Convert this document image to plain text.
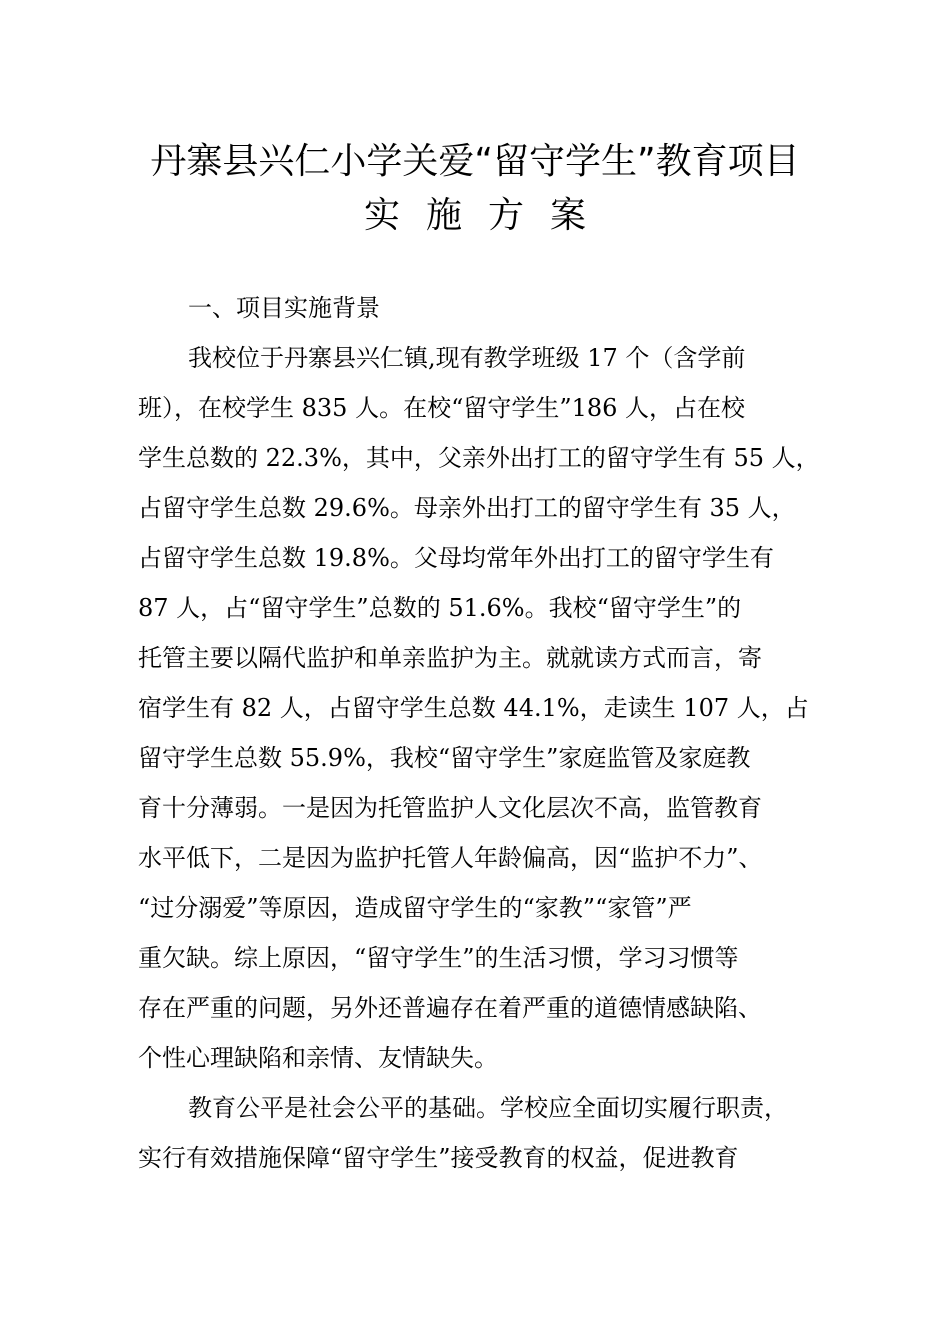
丹寨县兴仁小学关爱“留守学生”教育项目
实施方案
一、项目实施背景
我校位于丹寨县兴仁镇,现有教学班级 17 个（含学前
班），在校学生 835 人。在校“留守学生”186 人，占在校
学生总数的 22.3%，其中，父亲外出打工的留守学生有 55 人，
占留守学生总数 29.6%。母亲外出打工的留守学生有 35 人，
占留守学生总数 19.8%。父母均常年外出打工的留守学生有
87 人，占“留守学生”总数的 51.6%。我校“留守学生”的
托管主要以隔代监护和单亲监护为主。就就读方式而言，寄
宿学生有 82 人，占留守学生总数 44.1%，走读生 107 人，占
留守学生总数 55.9%，我校“留守学生”家庭监管及家庭教
育十分薄弱。一是因为托管监护人文化层次不高，监管教育
水平低下，二是因为监护托管人年龄偏高，因“监护不力”、
“过分溺爱”等原因，造成留守学生的“家教”“家管”严
重欠缺。综上原因，“留守学生”的生活习惯，学习习惯等
存在严重的问题，另外还普遍存在着严重的道德情感缺陷、
个性心理缺陷和亲情、友情缺失。
教育公平是社会公平的基础。学校应全面切实履行职责，
实行有效措施保障“留守学生”接受教育的权益，促进教育
